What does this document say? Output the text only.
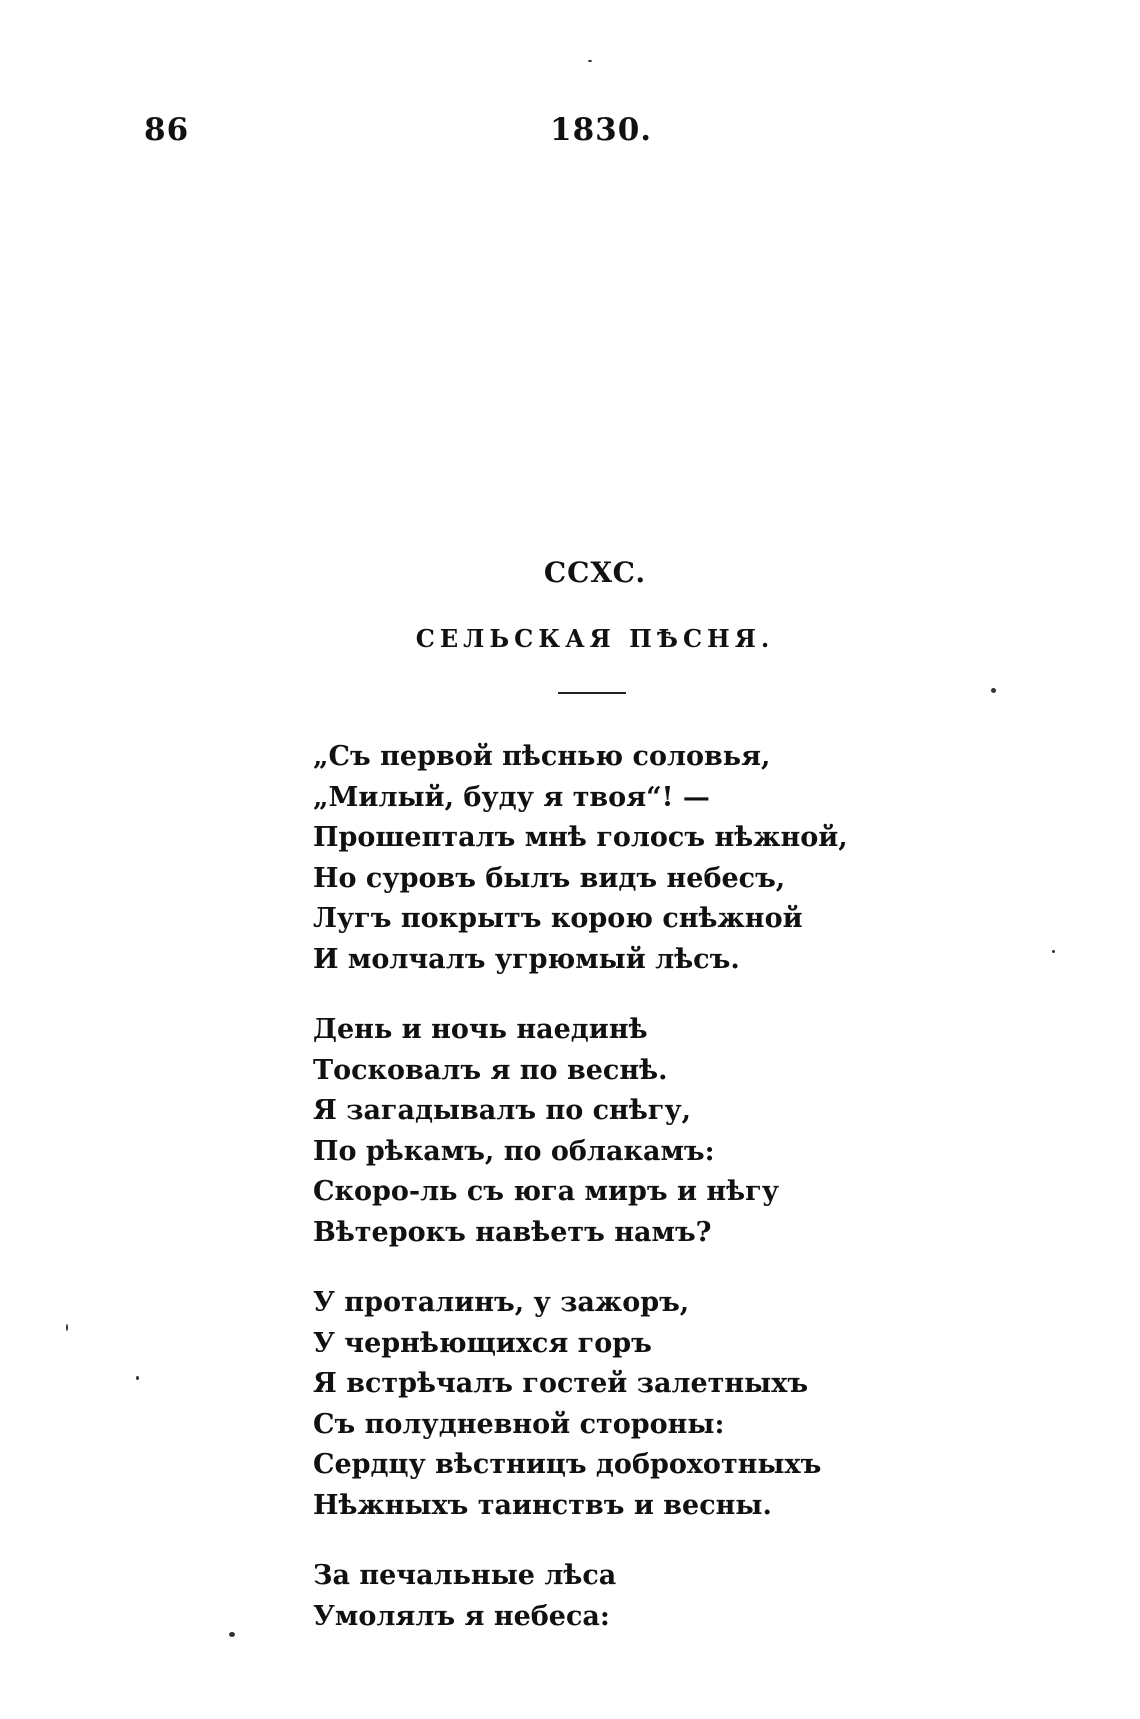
86	1830.
CCXC.
СЕЛЬСКАЯ ПѢСНЯ.
„Съ первой пѣснью соловья,
„Милый, буду я твоя“! —
Прошепталъ мнѣ голосъ нѣжной,
Но суровъ былъ видъ небесъ,
Лугъ покрытъ корою снѣжной
И молчалъ угрюмый лѣсъ.
День и ночь наединѣ
Тосковалъ я по веснѣ.
Я загадывалъ по снѣгу,
По рѣкамъ, по облакамъ:
Скоро-ль съ юга миръ и нѣгу
Вѣтерокъ навѣетъ намъ?
У проталинъ, у зажоръ,
У чернѣющихся горъ
Я встрѣчалъ гостей залетныхъ
Съ полудневной стороны:
Сердцу вѣстницъ доброхотныхъ
Нѣжныхъ таинствъ и весны.
За печальные лѣса
Умолялъ я небеса:
